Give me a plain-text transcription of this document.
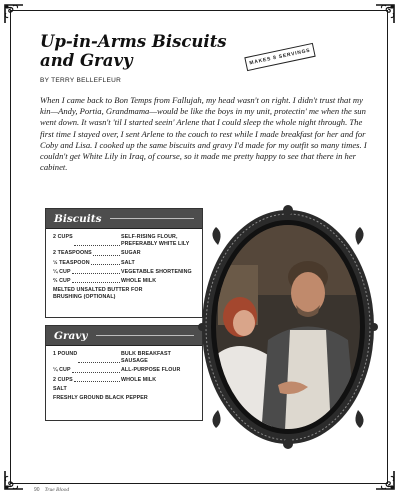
Up-in-Arms Biscuits and Gravy	MAKES 8 SERVINGS
BY TERRY BELLEFLEUR

When I came back to Bon Temps from Fallujah, my head wasn't on right. I didn't trust that my kin—Andy, Portia, Grandmama—would be like the boys in my unit, protectin' me when the sun went down. It wasn't 'til I started seein' Arlene that I could sleep the whole night through. The first time I stayed over, I sent Arlene to the couch to rest while I made breakfast for her and for Coby and Lisa. I cooked up the same biscuits and gravy I'd made for my outfit so many times. I couldn't get White Lily in Iraq, of course, so it made me pretty happy to see that there in her cabinet.

Biscuits
2 CUPS	SELF-RISING FLOUR, PREFERABLY WHITE LILY
2 TEASPOONS	SUGAR
½ TEASPOON	SALT
¼ CUP	VEGETABLE SHORTENING
⅔ CUP	WHOLE MILK
MELTED UNSALTED BUTTER FOR BRUSHING (OPTIONAL)
Gravy
1 POUND	BULK BREAKFAST SAUSAGE
¼ CUP	ALL-PURPOSE FLOUR
2 CUPS	WHOLE MILK
SALT
FRESHLY GROUND BLACK PEPPER
90 True Blood
